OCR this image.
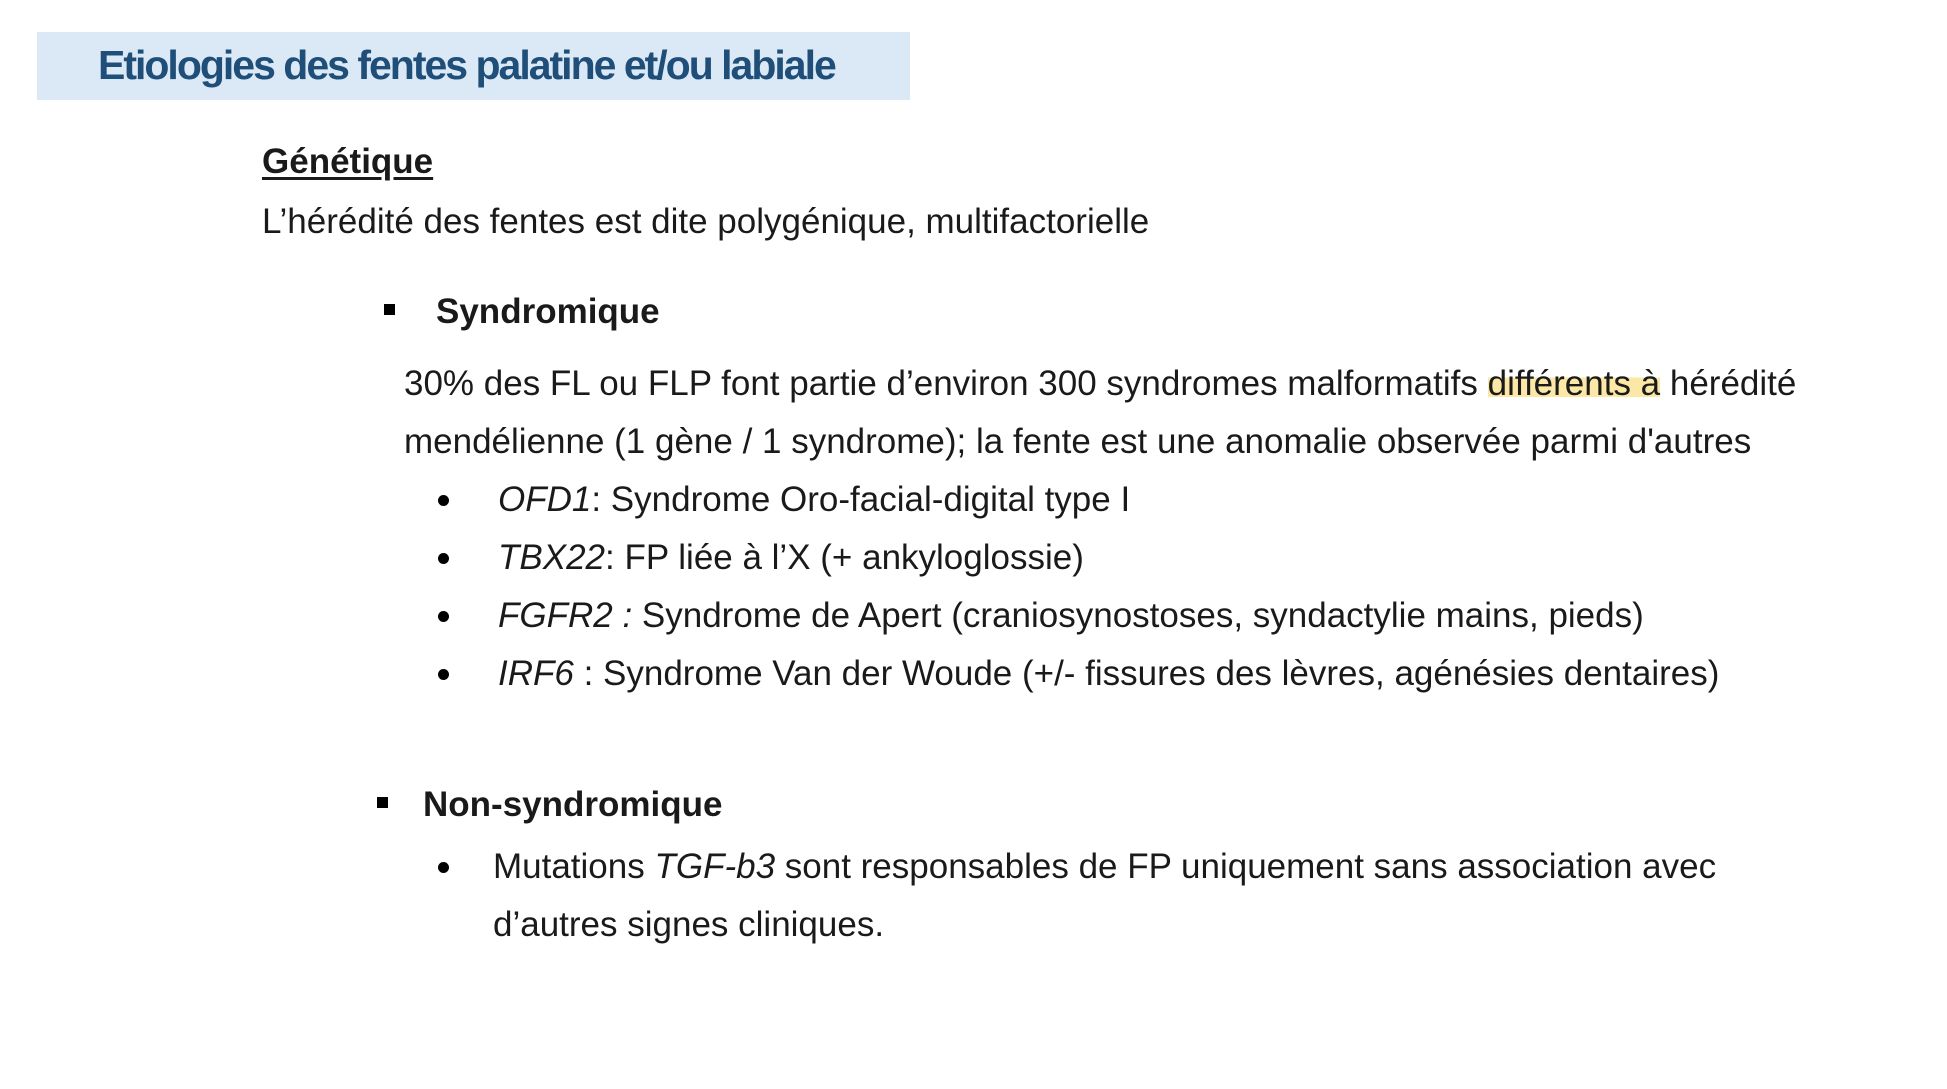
Etiologies des fentes palatine et/ou labiale
Génétique
L’hérédité des fentes est dite polygénique, multifactorielle
Syndromique
30% des FL ou FLP font partie d’environ 300 syndromes malformatifs différents à hérédité
mendélienne (1 gène / 1 syndrome); la fente est une anomalie observée parmi d'autres
OFD1: Syndrome Oro-facial-digital type I
TBX22: FP liée à l’X (+ ankyloglossie)
FGFR2 : Syndrome de Apert (craniosynostoses, syndactylie mains, pieds)
IRF6 : Syndrome Van der Woude (+/- fissures des lèvres, agénésies dentaires)
Non-syndromique
Mutations TGF-b3 sont responsables de FP uniquement sans association avec
d’autres signes cliniques.
